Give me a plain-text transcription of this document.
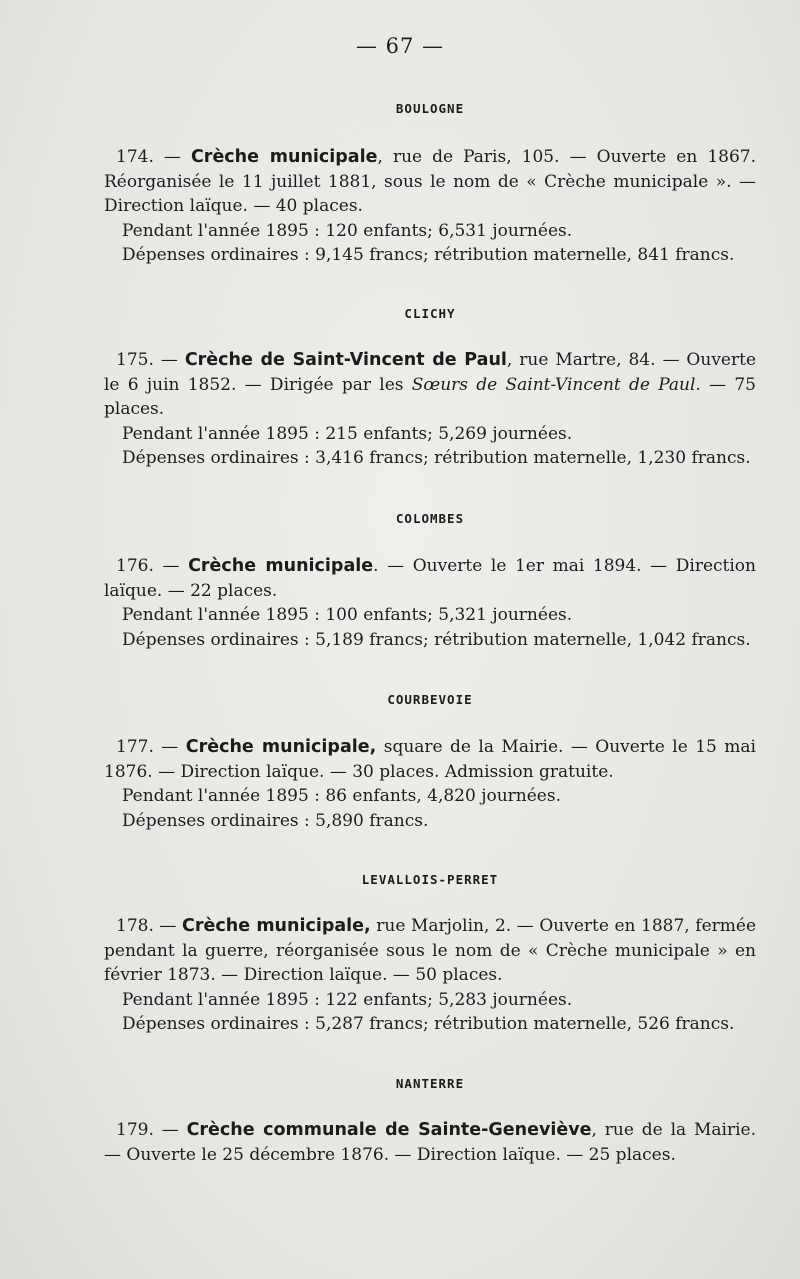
— 67 —
BOULOGNE

174. — Crèche municipale, rue de Paris, 105. — Ouverte en 1867. Réorganisée le 11 juillet 1881, sous le nom de « Crèche municipale ». — Direction laïque. — 40 places.

Pendant l'année 1895 : 120 enfants; 6,531 journées.

Dépenses ordinaires : 9,145 francs; rétribution maternelle, 841 francs.

CLICHY

175. — Crèche de Saint-Vincent de Paul, rue Martre, 84. — Ouverte le 6 juin 1852. — Dirigée par les Sœurs de Saint-Vincent de Paul. — 75 places.

Pendant l'année 1895 : 215 enfants; 5,269 journées.

Dépenses ordinaires : 3,416 francs; rétribution maternelle, 1,230 francs.

COLOMBES

176. — Crèche municipale. — Ouverte le 1er mai 1894. — Direction laïque. — 22 places.

Pendant l'année 1895 : 100 enfants; 5,321 journées.

Dépenses ordinaires : 5,189 francs; rétribution maternelle, 1,042 francs.

COURBEVOIE

177. — Crèche municipale, square de la Mairie. — Ouverte le 15 mai 1876. — Direction laïque. — 30 places. Admission gratuite.

Pendant l'année 1895 : 86 enfants, 4,820 journées.

Dépenses ordinaires : 5,890 francs.

LEVALLOIS-PERRET

178. — Crèche municipale, rue Marjolin, 2. — Ouverte en 1887, fermée pendant la guerre, réorganisée sous le nom de « Crèche municipale » en février 1873. — Direction laïque. — 50 places.

Pendant l'année 1895 : 122 enfants; 5,283 journées.

Dépenses ordinaires : 5,287 francs; rétribution maternelle, 526 francs.

NANTERRE

179. — Crèche communale de Sainte-Geneviève, rue de la Mairie. — Ouverte le 25 décembre 1876. — Direction laïque. — 25 places.
